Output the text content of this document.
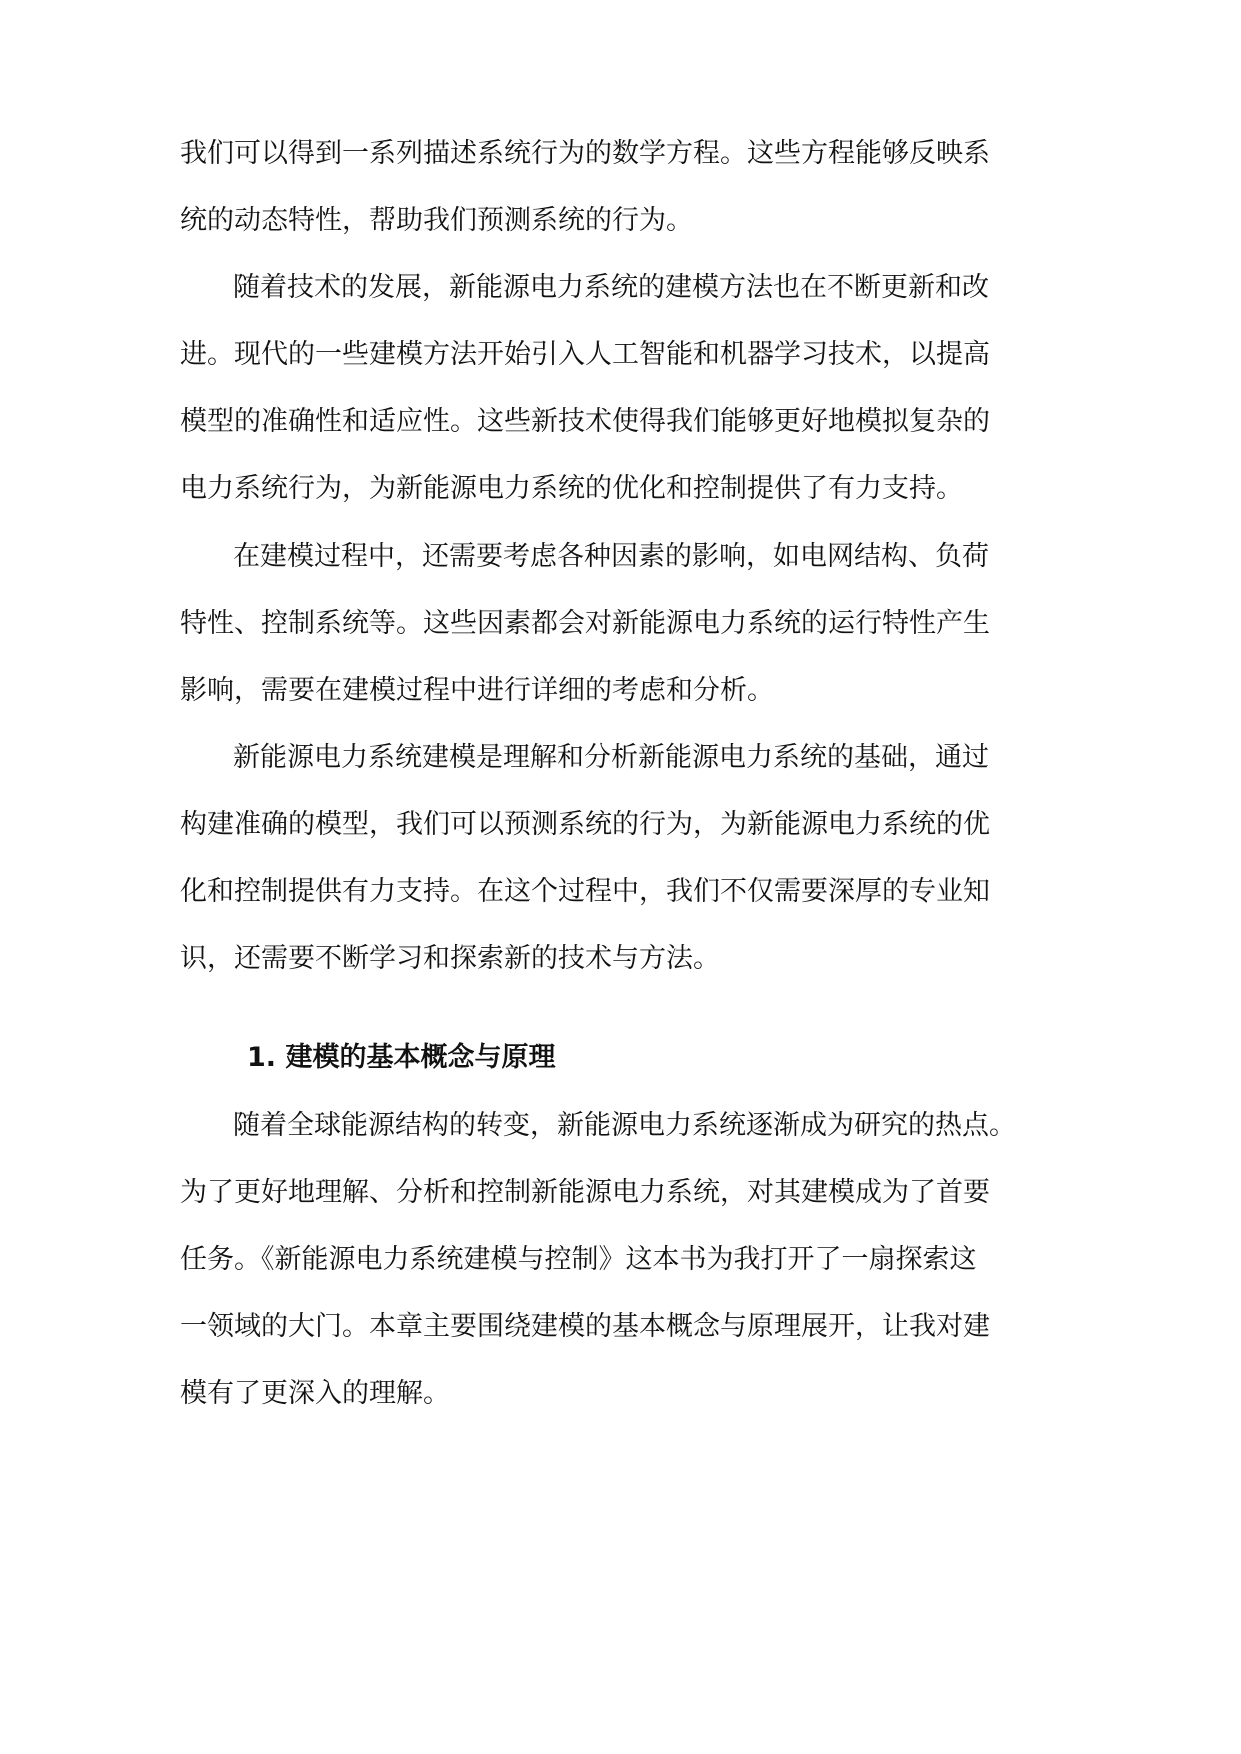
我们可以得到一系列描述系统行为的数学方程。这些方程能够反映系
统的动态特性，帮助我们预测系统的行为。
随着技术的发展，新能源电力系统的建模方法也在不断更新和改
进。现代的一些建模方法开始引入人工智能和机器学习技术，以提高
模型的准确性和适应性。这些新技术使得我们能够更好地模拟复杂的
电力系统行为，为新能源电力系统的优化和控制提供了有力支持。
在建模过程中，还需要考虑各种因素的影响，如电网结构、负荷
特性、控制系统等。这些因素都会对新能源电力系统的运行特性产生
影响，需要在建模过程中进行详细的考虑和分析。
新能源电力系统建模是理解和分析新能源电力系统的基础，通过
构建准确的模型，我们可以预测系统的行为，为新能源电力系统的优
化和控制提供有力支持。在这个过程中，我们不仅需要深厚的专业知
识，还需要不断学习和探索新的技术与方法。
1. 建模的基本概念与原理
随着全球能源结构的转变，新能源电力系统逐渐成为研究的热点。
为了更好地理解、分析和控制新能源电力系统，对其建模成为了首要
任务。《新能源电力系统建模与控制》这本书为我打开了一扇探索这
一领域的大门。本章主要围绕建模的基本概念与原理展开，让我对建
模有了更深入的理解。
